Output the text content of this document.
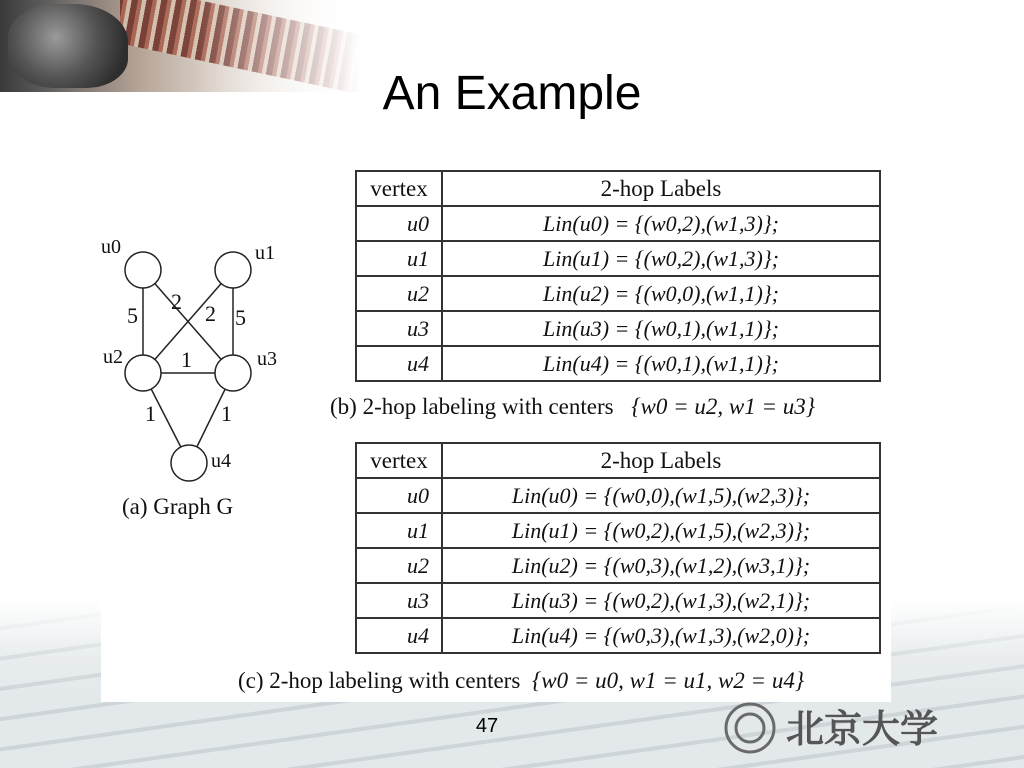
An Example
5
2 2 5
1
1	1
u0	u1
u2	u3
u4
(a) Graph G
vertex	2-hop Labels
u0	Lin(u0) = {(w0,2),(w1,3)};
u1	Lin(u1) = {(w0,2),(w1,3)};
u2	Lin(u2) = {(w0,0),(w1,1)};
u3	Lin(u3) = {(w0,1),(w1,1)};
u4	Lin(u4) = {(w0,1),(w1,1)};
(b) 2-hop labeling with centers {w0 = u2, w1 = u3}
vertex	2-hop Labels
u0	Lin(u0) = {(w0,0),(w1,5),(w2,3)};
u1	Lin(u1) = {(w0,2),(w1,5),(w2,3)};
u2	Lin(u2) = {(w0,3),(w1,2),(w3,1)};
u3	Lin(u3) = {(w0,2),(w1,3),(w2,1)};
u4	Lin(u4) = {(w0,3),(w1,3),(w2,0)};
(c) 2-hop labeling with centers {w0 = u0, w1 = u1, w2 = u4}
47	北京大学
